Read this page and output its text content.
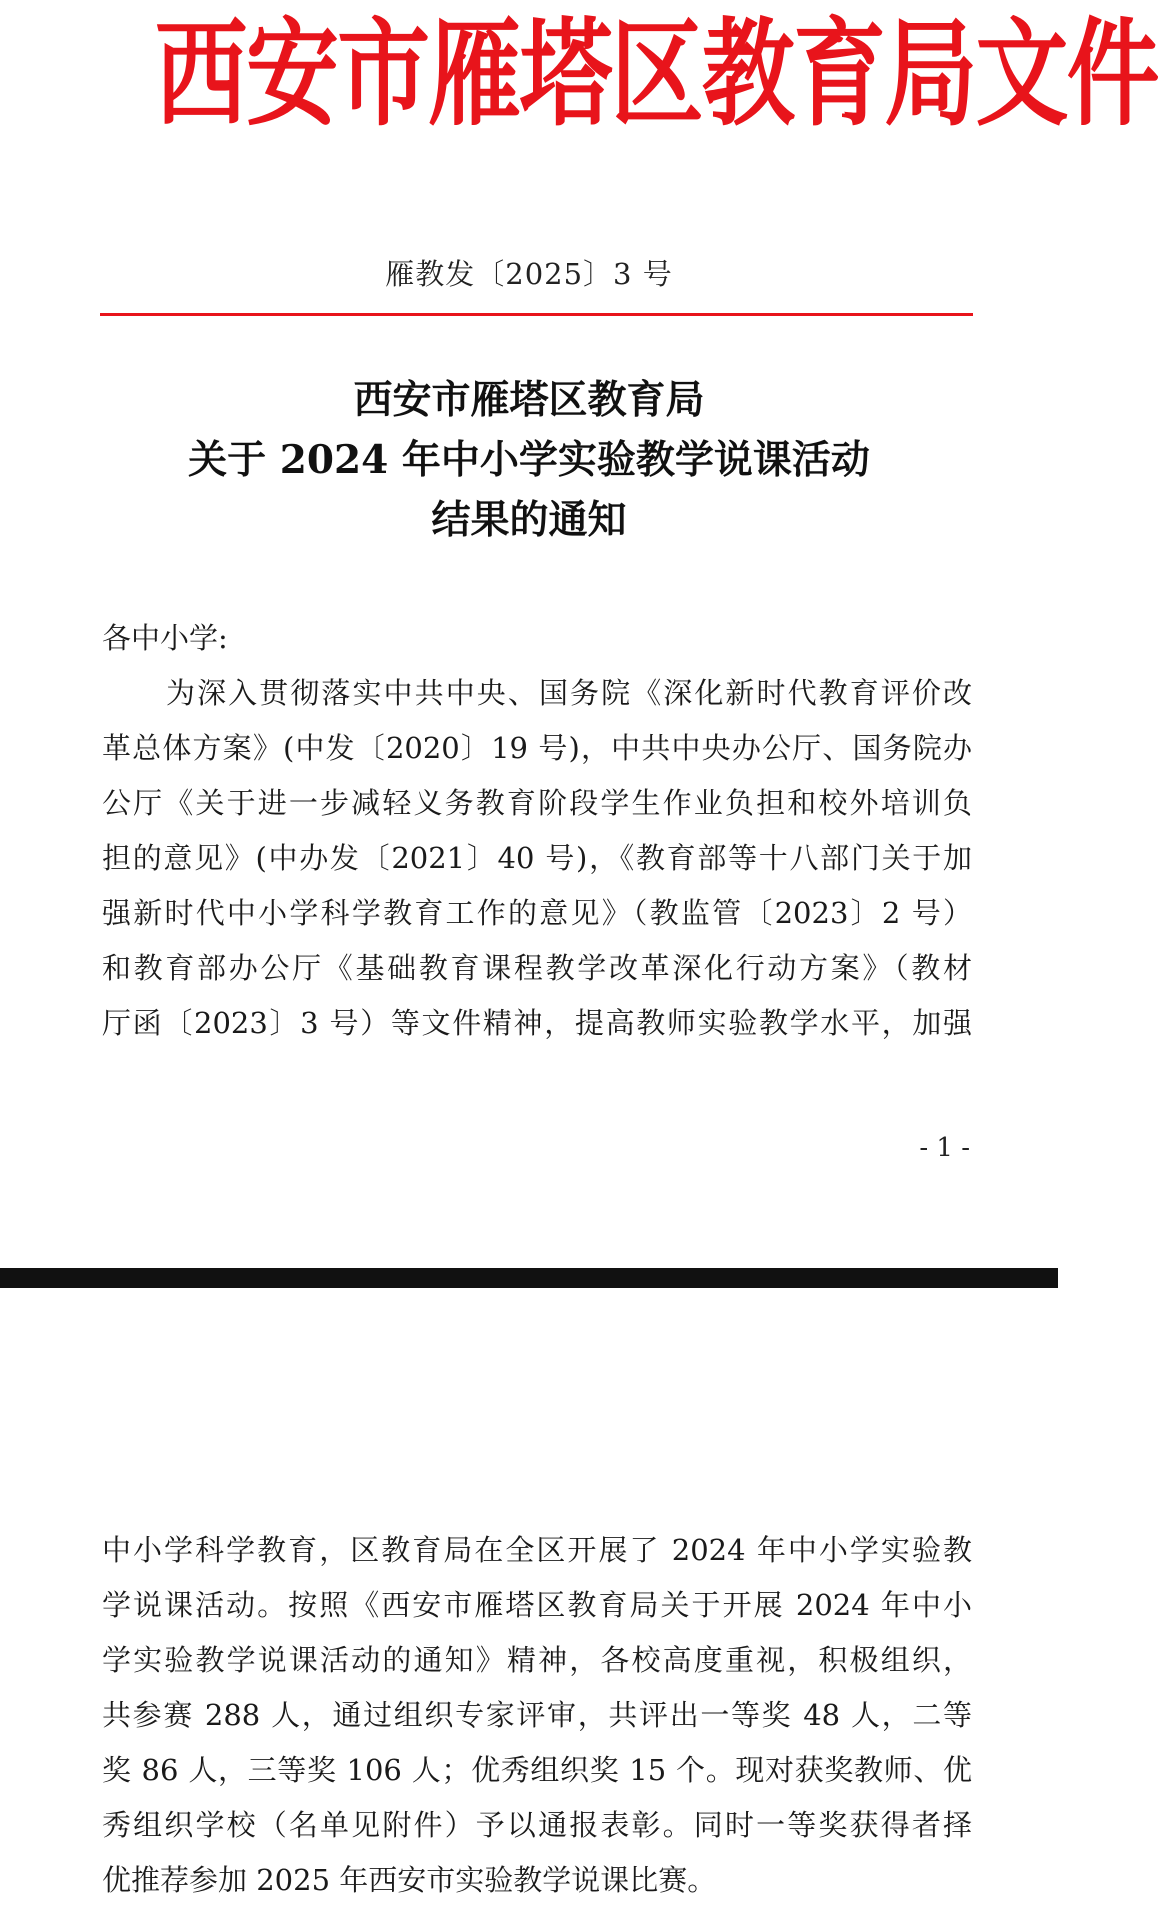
西安市雁塔区教育局文件
雁教发〔2025〕3 号
西安市雁塔区教育局
关于 2024 年中小学实验教学说课活动
结果的通知
各中小学:
为深入贯彻落实中共中央、国务院《深化新时代教育评价改
革总体方案》(中发〔2020〕19 号)，中共中央办公厅、国务院办
公厅《关于进一步减轻义务教育阶段学生作业负担和校外培训负
担的意见》(中办发〔2021〕40 号)，《教育部等十八部门关于加
强新时代中小学科学教育工作的意见》（教监管〔2023〕2 号）
和教育部办公厅《基础教育课程教学改革深化行动方案》（教材
厅函〔2023〕3 号）等文件精神，提高教师实验教学水平，加强
- 1 -
中小学科学教育，区教育局在全区开展了 2024 年中小学实验教
学说课活动。按照《西安市雁塔区教育局关于开展 2024 年中小
学实验教学说课活动的通知》精神，各校高度重视，积极组织，
共参赛 288 人，通过组织专家评审，共评出一等奖 48 人，二等
奖 86 人，三等奖 106 人；优秀组织奖 15 个。现对获奖教师、优
秀组织学校（名单见附件）予以通报表彰。同时一等奖获得者择
优推荐参加 2025 年西安市实验教学说课比赛。
